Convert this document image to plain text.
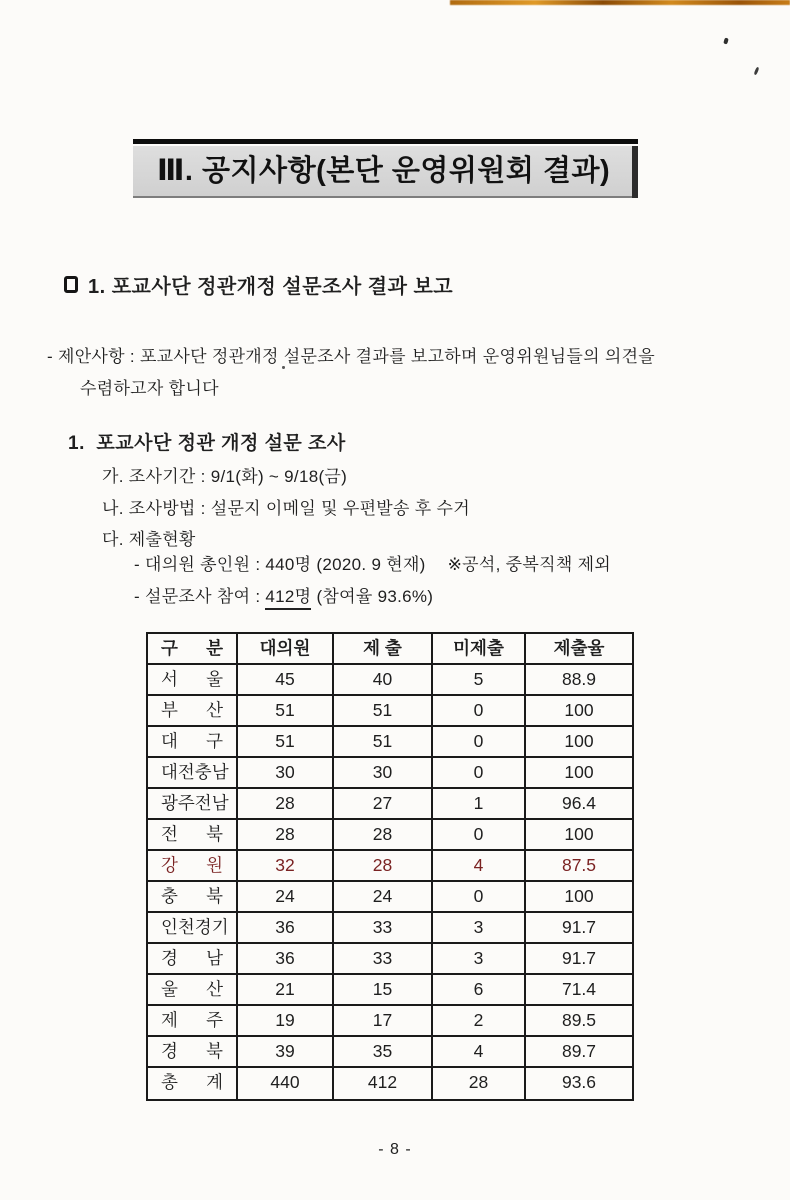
Ⅲ. 공지사항(본단 운영위원회 결과)
1. 포교사단 정관개정 설문조사 결과 보고
- 제안사항 : 포교사단 정관개정 설문조사 결과를 보고하며 운영위원님들의 의견을
수렴하고자 합니다
1.  포교사단 정관 개정 설문 조사
가. 조사기간 : 9/1(화) ~ 9/18(금)
나. 조사방법 : 설문지 이메일 및 우편발송 후 수거
다. 제출현황
- 대의원 총인원 : 440명 (2020. 9 현재) ※공석, 중복직책 제외
- 설문조사 참여 : 412명 (참여율 93.6%)
구 분	대의원	제 출	미제출	제출율
서 울	45	40	5	88.9
부 산	51	51	0	100
대 구	51	51	0	100
대전충남	30	30	0	100
광주전남	28	27	1	96.4
전 북	28	28	0	100
강 원	32	28	4	87.5
충 북	24	24	0	100
인천경기	36	33	3	91.7
경 남	36	33	3	91.7
울 산	21	15	6	71.4
제 주	19	17	2	89.5
경 북	39	35	4	89.7
총 계	440	412	28	93.6
- 8 -
